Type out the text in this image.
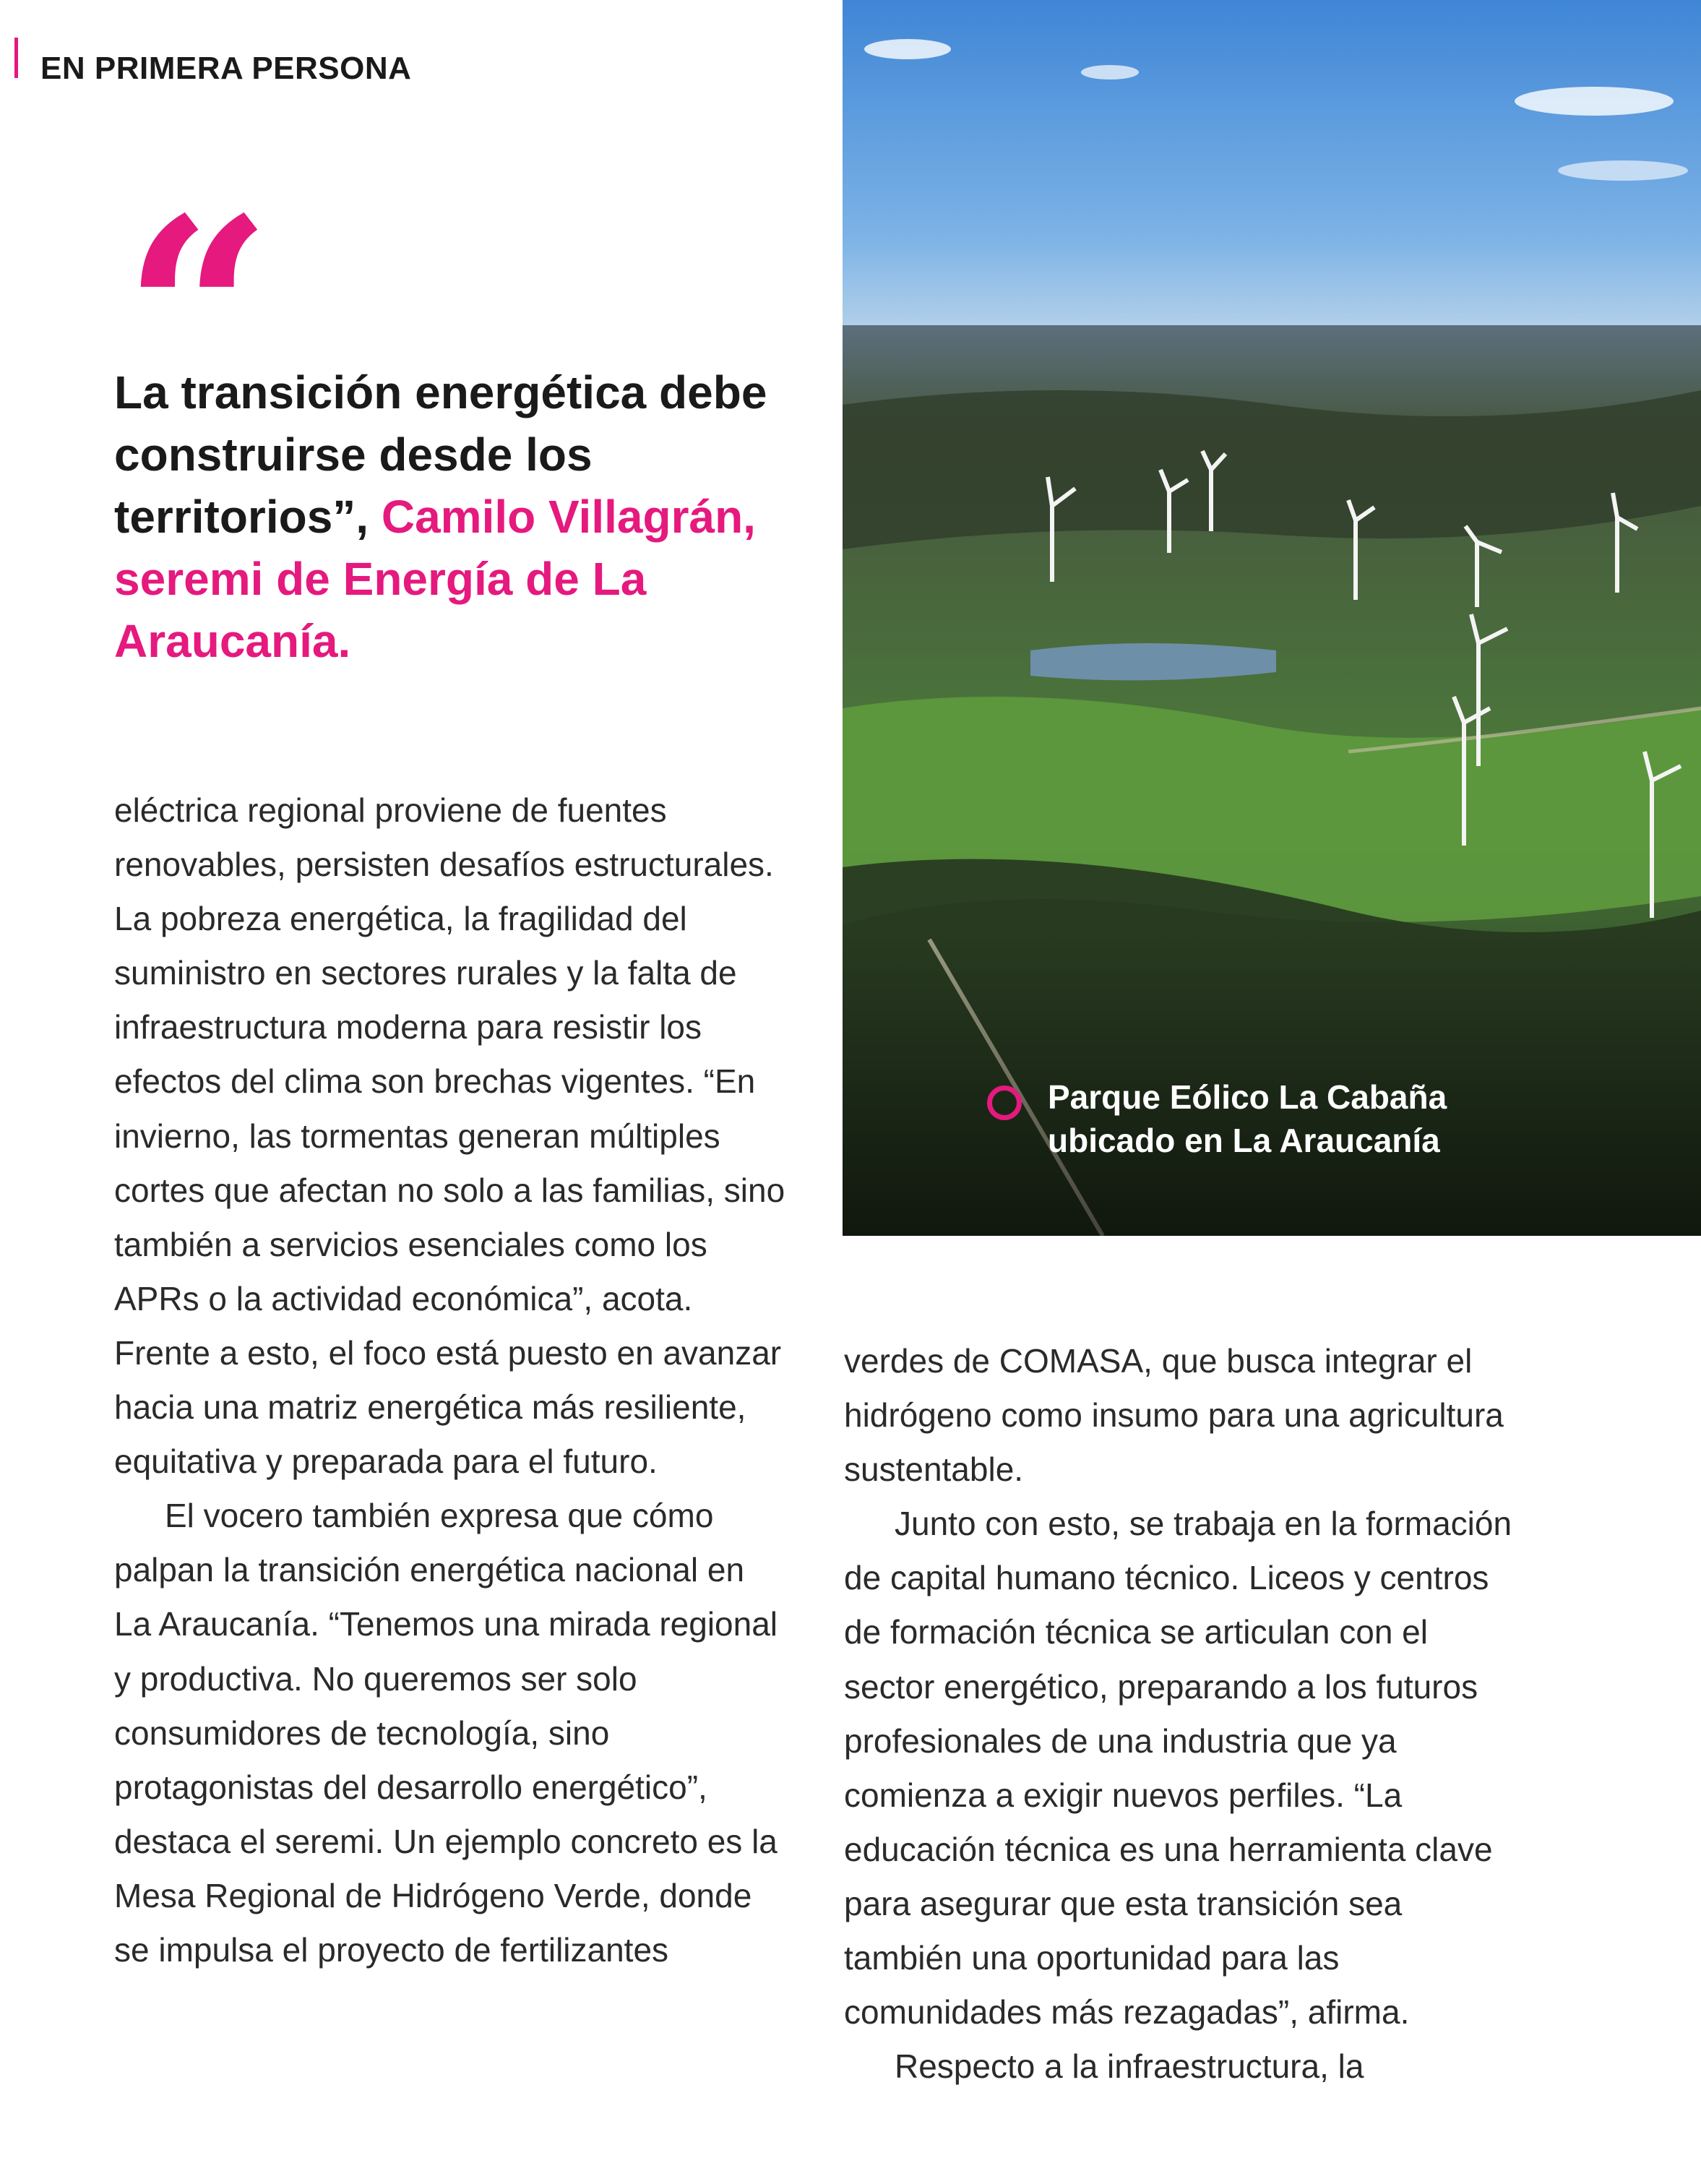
EN PRIMERA PERSONA
“
La transición energética debe construirse desde los territorios”, Camilo Villagrán, seremi de Energía de La Araucanía.

eléctrica regional proviene de fuentes renovables, persisten desafíos estructurales. La pobreza energética, la fragilidad del suministro en sectores rurales y la falta de infraestructura moderna para resistir los efectos del clima son brechas vigentes. “En invierno, las tormentas generan múltiples cortes que afectan no solo a las familias, sino también a servicios esenciales como los APRs o la actividad económica”, acota. Frente a esto, el foco está puesto en avanzar hacia una matriz energética más resiliente, equitativa y preparada para el futuro.

El vocero también expresa que cómo palpan la transición energética nacional en La Araucanía. “Tenemos una mirada regional y productiva. No queremos ser solo consumidores de tecnología, sino protagonistas del desarrollo energético”, destaca el seremi. Un ejemplo concreto es la Mesa Regional de Hidrógeno Verde, donde se impulsa el proyecto de fertilizantes

Parque Eólico La Cabaña ubicado en La Araucanía

verdes de COMASA, que busca integrar el hidrógeno como insumo para una agricultura sustentable.

Junto con esto, se trabaja en la formación de capital humano técnico. Liceos y centros de formación técnica se articulan con el sector energético, preparando a los futuros profesionales de una industria que ya comienza a exigir nuevos perfiles. “La educación técnica es una herramienta clave para asegurar que esta transición sea también una oportunidad para las comunidades más rezagadas”, afirma.

Respecto a la infraestructura, la
